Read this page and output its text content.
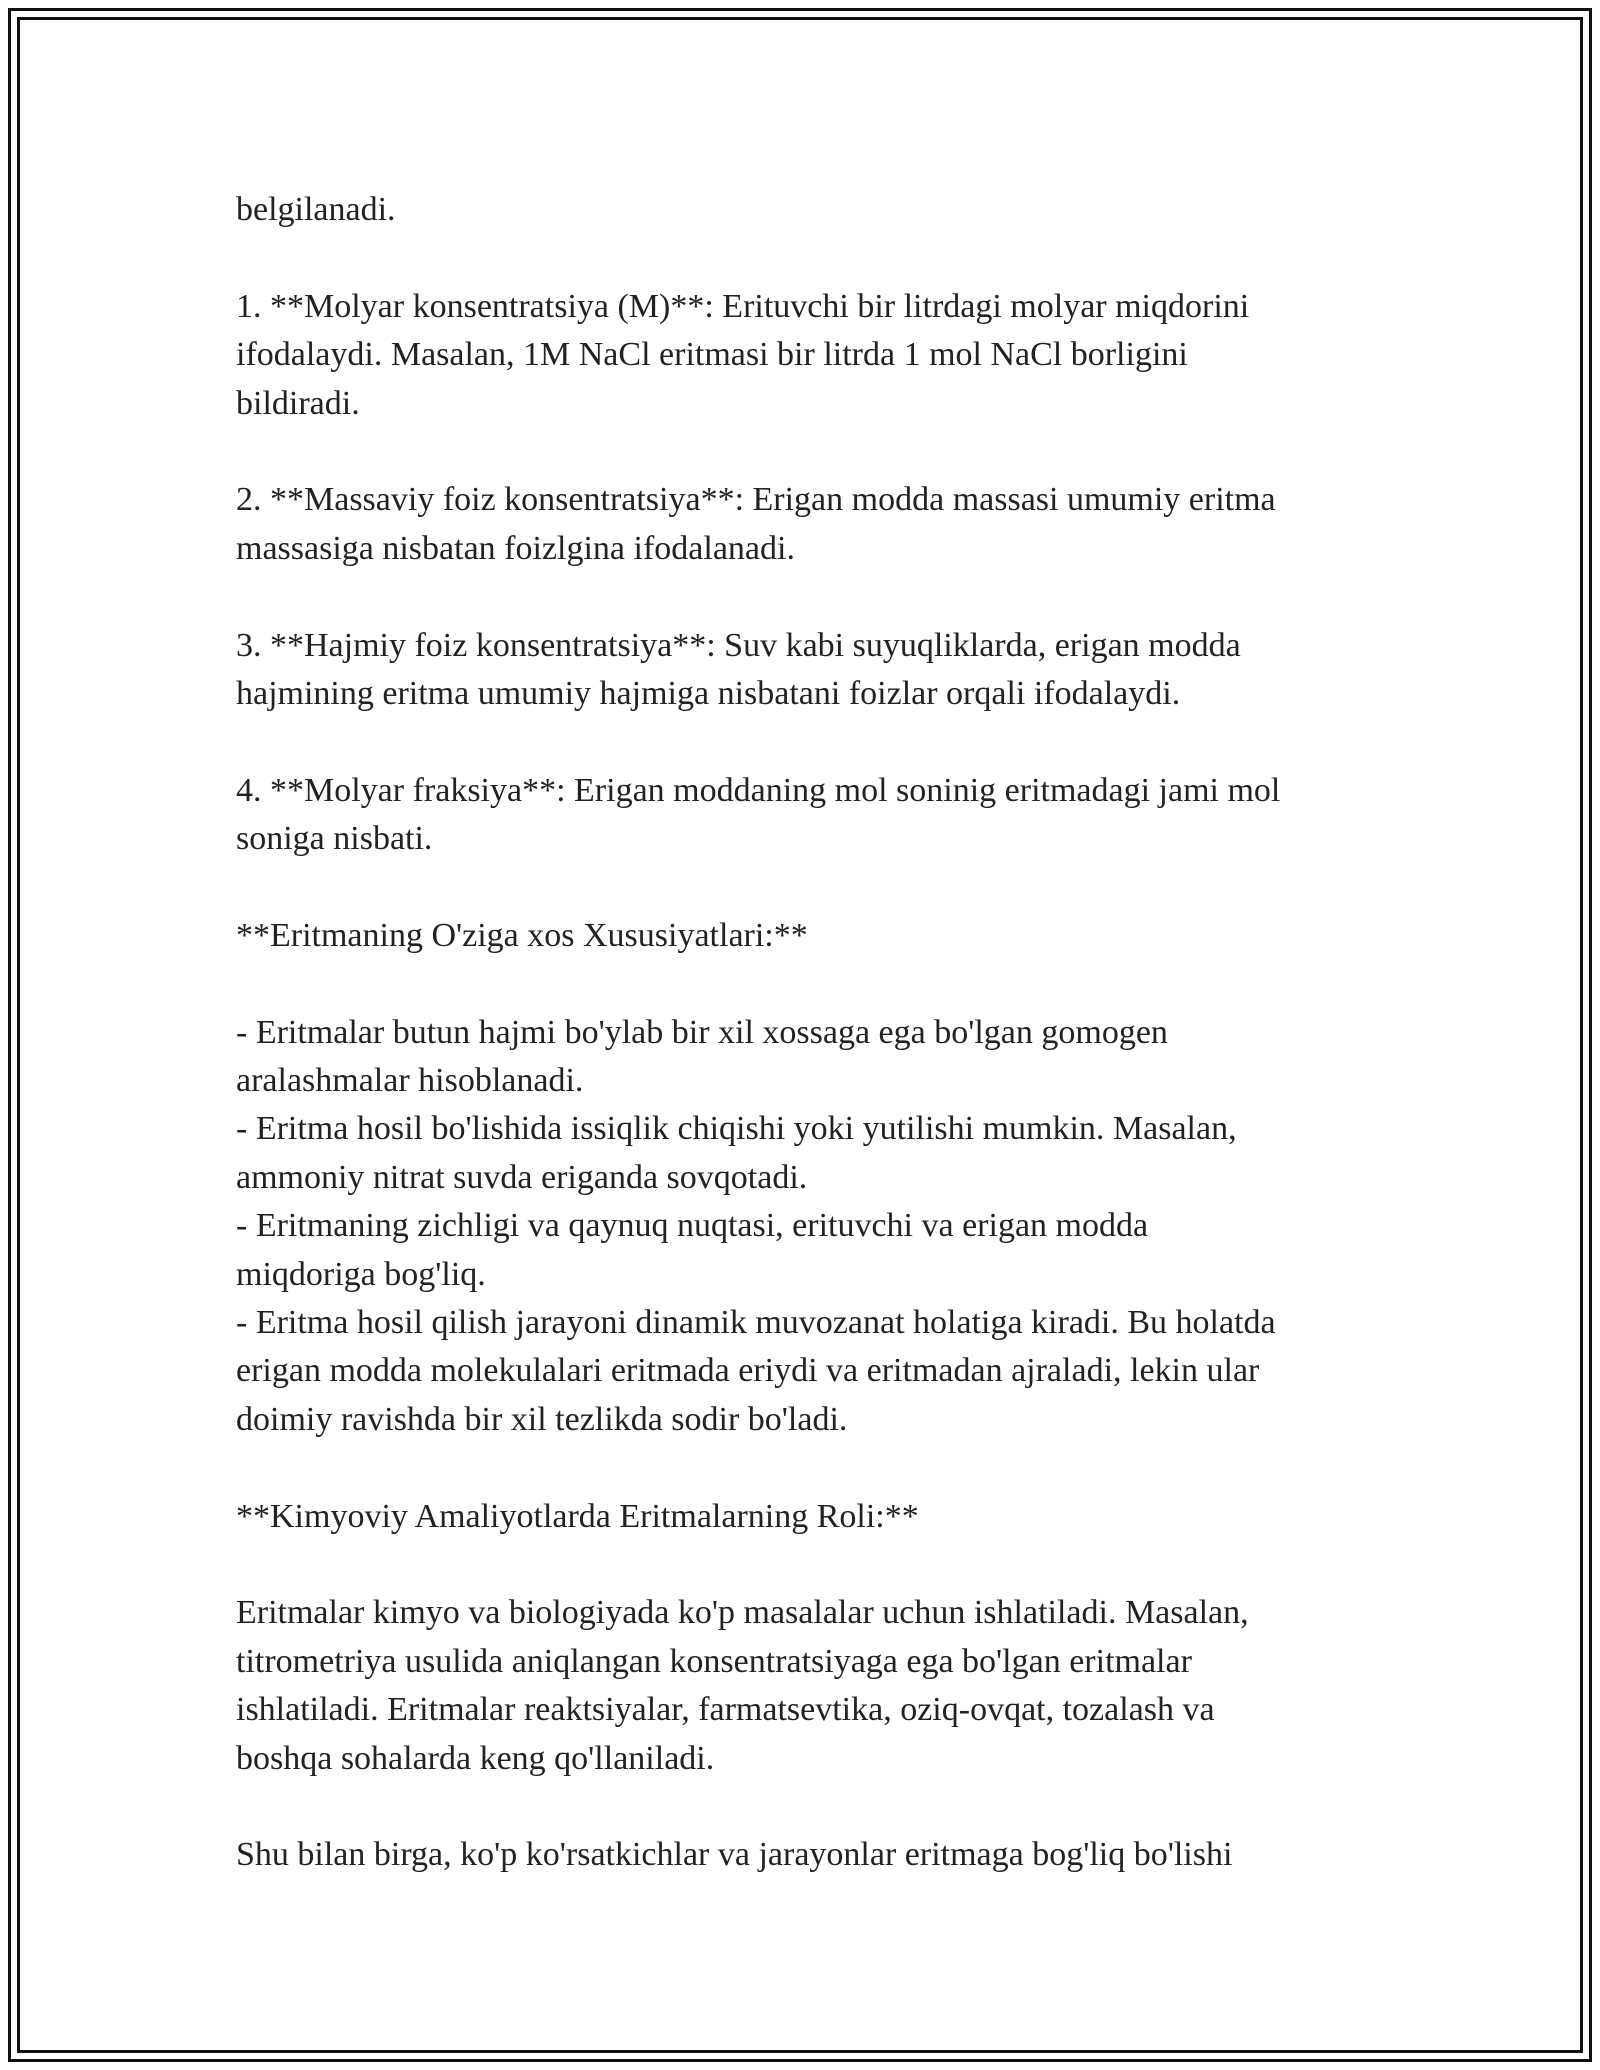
belgilanadi.
1. **Molyar konsentratsiya (M)**: Erituvchi bir litrdagi molyar miqdorini
ifodalaydi. Masalan, 1M NaCl eritmasi bir litrda 1 mol NaCl borligini
bildiradi.
2. **Massaviy foiz konsentratsiya**: Erigan modda massasi umumiy eritma
massasiga nisbatan foizlgina ifodalanadi.
3. **Hajmiy foiz konsentratsiya**: Suv kabi suyuqliklarda, erigan modda
hajmining eritma umumiy hajmiga nisbatani foizlar orqali ifodalaydi.
4. **Molyar fraksiya**: Erigan moddaning mol soninig eritmadagi jami mol
soniga nisbati.
**Eritmaning O'ziga xos Xususiyatlari:**
- Eritmalar butun hajmi bo'ylab bir xil xossaga ega bo'lgan gomogen
aralashmalar hisoblanadi.
- Eritma hosil bo'lishida issiqlik chiqishi yoki yutilishi mumkin. Masalan,
ammoniy nitrat suvda eriganda sovqotadi.
- Eritmaning zichligi va qaynuq nuqtasi, erituvchi va erigan modda
miqdoriga bog'liq.
- Eritma hosil qilish jarayoni dinamik muvozanat holatiga kiradi. Bu holatda
erigan modda molekulalari eritmada eriydi va eritmadan ajraladi, lekin ular
doimiy ravishda bir xil tezlikda sodir bo'ladi.
**Kimyoviy Amaliyotlarda Eritmalarning Roli:**
Eritmalar kimyo va biologiyada ko'p masalalar uchun ishlatiladi. Masalan,
titrometriya usulida aniqlangan konsentratsiyaga ega bo'lgan eritmalar
ishlatiladi. Eritmalar reaktsiyalar, farmatsevtika, oziq-ovqat, tozalash va
boshqa sohalarda keng qo'llaniladi.
Shu bilan birga, ko'p ko'rsatkichlar va jarayonlar eritmaga bog'liq bo'lishi
